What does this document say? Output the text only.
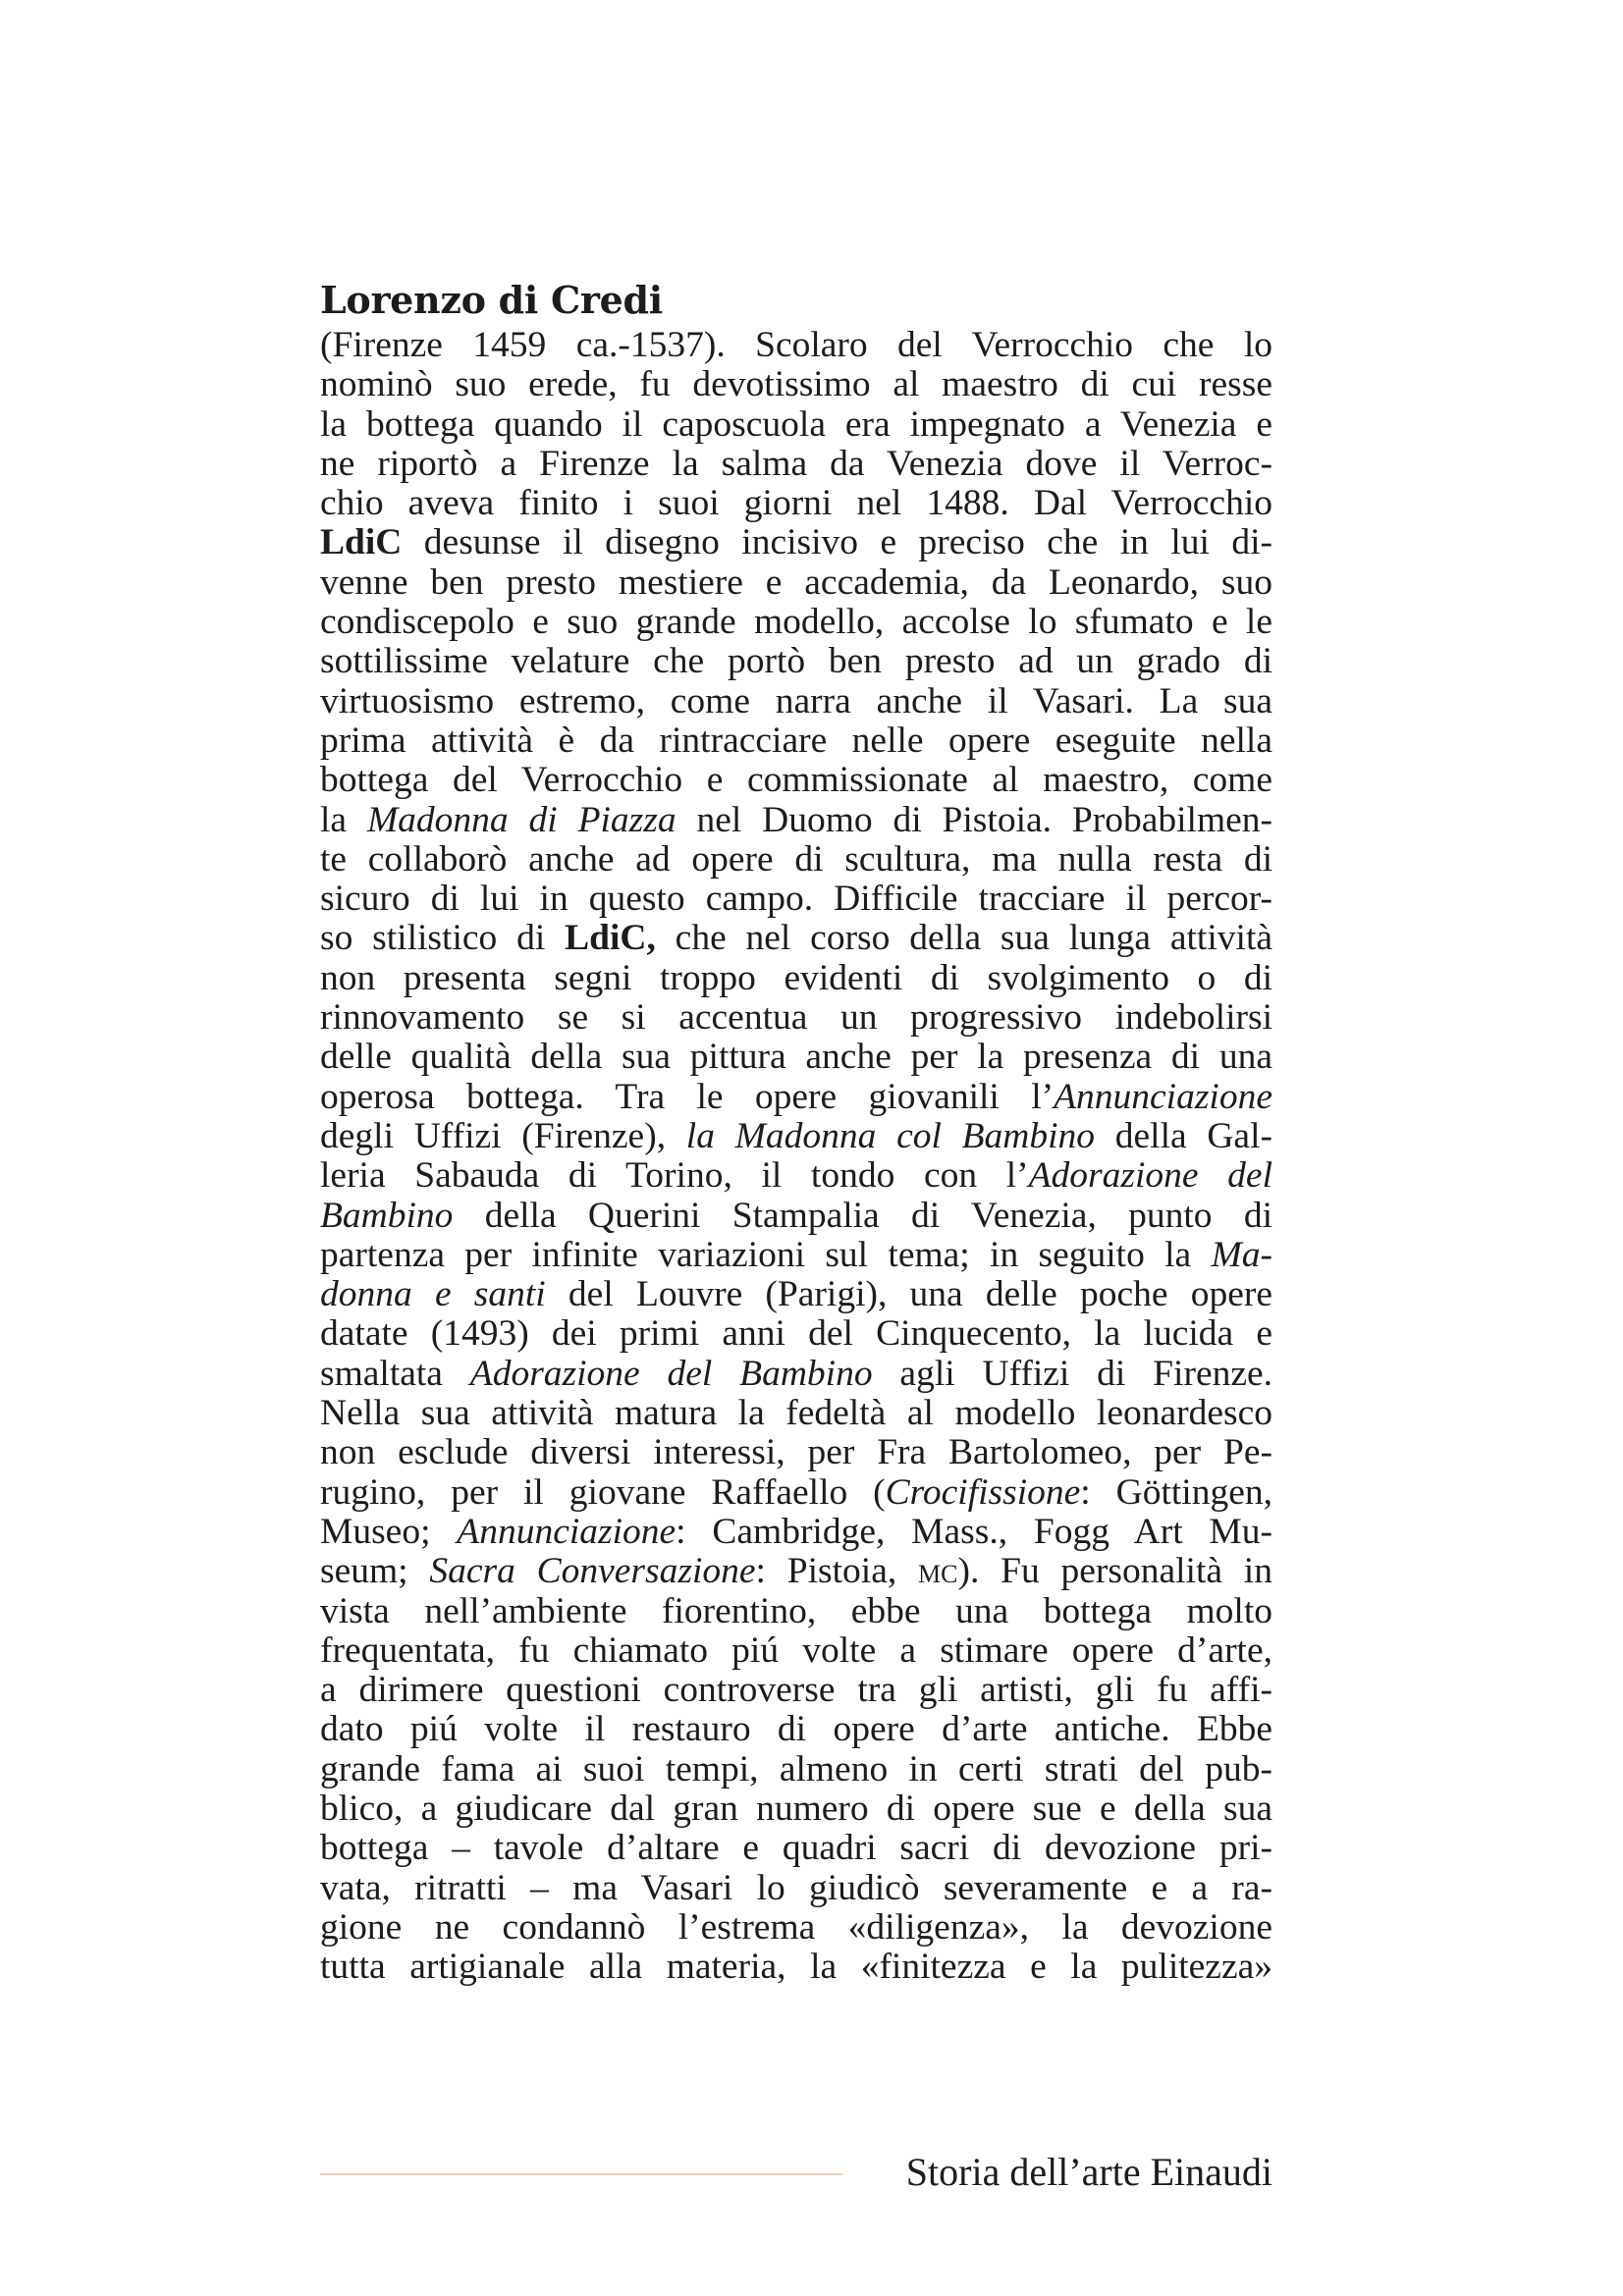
Lorenzo di Credi
(Firenze 1459 ca.-1537). Scolaro del Verrocchio che lo
nominò suo erede, fu devotissimo al maestro di cui resse
la bottega quando il caposcuola era impegnato a Venezia e
ne riportò a Firenze la salma da Venezia dove il Verroc-
chio aveva finito i suoi giorni nel 1488. Dal Verrocchio
LdiC desunse il disegno incisivo e preciso che in lui di-
venne ben presto mestiere e accademia, da Leonardo, suo
condiscepolo e suo grande modello, accolse lo sfumato e le
sottilissime velature che portò ben presto ad un grado di
virtuosismo estremo, come narra anche il Vasari. La sua
prima attività è da rintracciare nelle opere eseguite nella
bottega del Verrocchio e commissionate al maestro, come
la Madonna di Piazza nel Duomo di Pistoia. Probabilmen-
te collaborò anche ad opere di scultura, ma nulla resta di
sicuro di lui in questo campo. Difficile tracciare il percor-
so stilistico di LdiC, che nel corso della sua lunga attività
non presenta segni troppo evidenti di svolgimento o di
rinnovamento se si accentua un progressivo indebolirsi
delle qualità della sua pittura anche per la presenza di una
operosa bottega. Tra le opere giovanili l’Annunciazione
degli Uffizi (Firenze), la Madonna col Bambino della Gal-
leria Sabauda di Torino, il tondo con l’Adorazione del
Bambino della Querini Stampalia di Venezia, punto di
partenza per infinite variazioni sul tema; in seguito la Ma-
donna e santi del Louvre (Parigi), una delle poche opere
datate (1493) dei primi anni del Cinquecento, la lucida e
smaltata Adorazione del Bambino agli Uffizi di Firenze.
Nella sua attività matura la fedeltà al modello leonardesco
non esclude diversi interessi, per Fra Bartolomeo, per Pe-
rugino, per il giovane Raffaello (Crocifissione: Göttingen,
Museo; Annunciazione: Cambridge, Mass., Fogg Art Mu-
seum; Sacra Conversazione: Pistoia, mc). Fu personalità in
vista nell’ambiente fiorentino, ebbe una bottega molto
frequentata, fu chiamato piú volte a stimare opere d’arte,
a dirimere questioni controverse tra gli artisti, gli fu affi-
dato piú volte il restauro di opere d’arte antiche. Ebbe
grande fama ai suoi tempi, almeno in certi strati del pub-
blico, a giudicare dal gran numero di opere sue e della sua
bottega – tavole d’altare e quadri sacri di devozione pri-
vata, ritratti – ma Vasari lo giudicò severamente e a ra-
gione ne condannò l’estrema «diligenza», la devozione
tutta artigianale alla materia, la «finitezza e la pulitezza»
Storia dell’arte Einaudi
